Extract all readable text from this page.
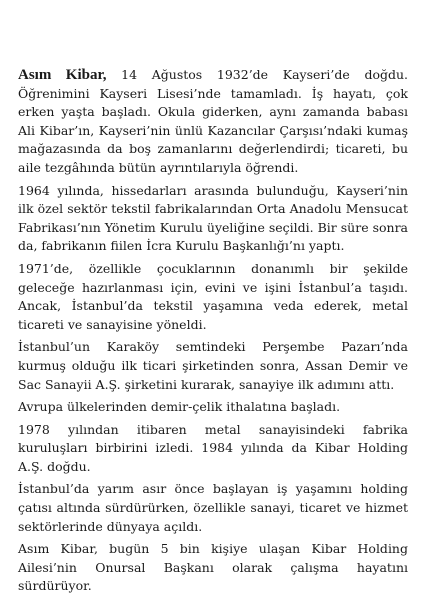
Asım Kibar, 14 Ağustos 1932’de Kayseri’de doğdu. Öğrenimini Kayseri Lisesi’nde tamamladı. İş hayatı, çok erken yaşta başladı. Okula giderken, aynı zamanda babası Ali Kibar’ın, Kayseri’nin ünlü Kazancılar Çarşısı’ndaki kumaş mağazasında da boş zamanlarını değerlendirdi; ticareti, bu aile tezgâhında bütün ayrıntılarıyla öğrendi.

1964 yılında, hissedarları arasında bulunduğu, Kayseri’nin ilk özel sektör tekstil fabrikalarından Orta Anadolu Mensucat Fabrikası’nın Yönetim Kurulu üyeliğine seçildi. Bir süre sonra da, fabrikanın fiilen İcra Kurulu Başkanlığı’nı yaptı.

1971’de, özellikle çocuklarının donanımlı bir şekilde geleceğe hazırlanması için, evini ve işini İstanbul’a taşıdı. Ancak, İstanbul’da tekstil yaşamına veda ederek, metal ticareti ve sanayisine yöneldi.

İstanbul’un Karaköy semtindeki Perşembe Pazarı’nda kurmuş olduğu ilk ticari şirketinden sonra, Assan Demir ve Sac Sanayii A.Ş. şirketini kurarak, sanayiye ilk adımını attı.

Avrupa ülkelerinden demir-çelik ithalatına başladı.

1978 yılından itibaren metal sanayisindeki fabrika kuruluşları birbirini izledi. 1984 yılında da Kibar Holding A.Ş. doğdu.

İstanbul’da yarım asır önce başlayan iş yaşamını holding çatısı altında sürdürürken, özellikle sanayi, ticaret ve hizmet sektörlerinde dünyaya açıldı.

Asım Kibar, bugün 5 bin kişiye ulaşan Kibar Holding Ailesi’nin Onursal Başkanı olarak çalışma hayatını sürdürüyor.
